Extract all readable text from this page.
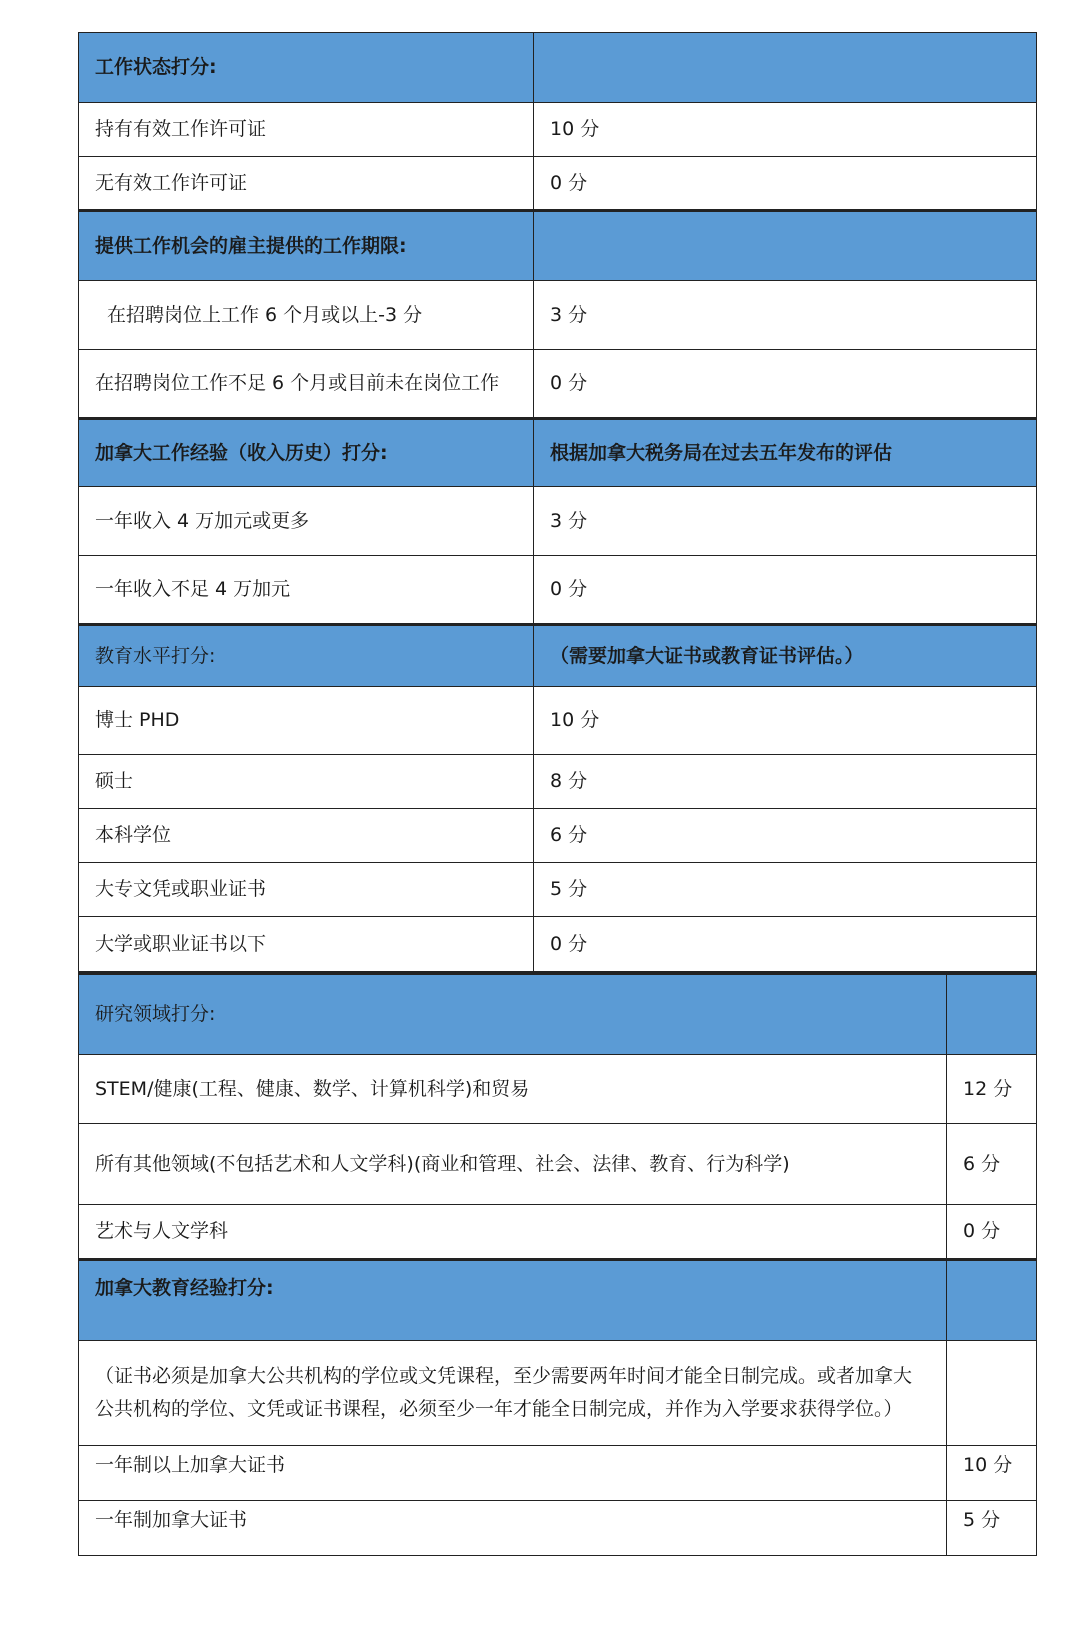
工作状态打分:	
持有有效工作许可证	10 分
无有效工作许可证	0 分
提供工作机会的雇主提供的工作期限:	
在招聘岗位上工作 6 个月或以上-3 分	3 分
在招聘岗位工作不足 6 个月或目前未在岗位工作	0 分
加拿大工作经验（收入历史）打分:	根据加拿大税务局在过去五年发布的评估
一年收入 4 万加元或更多	3 分
一年收入不足 4 万加元	0 分
教育水平打分:	（需要加拿大证书或教育证书评估。）
博士 PHD	10 分
硕士	8 分
本科学位	6 分
大专文凭或职业证书	5 分
大学或职业证书以下	0 分
研究领域打分:	
STEM/健康(工程、健康、数学、计算机科学)和贸易	12 分
所有其他领域(不包括艺术和人文学科)(商业和管理、社会、法律、教育、行为科学)	6 分
艺术与人文学科	0 分
加拿大教育经验打分:	
（证书必须是加拿大公共机构的学位或文凭课程，至少需要两年时间才能全日制完成。或者加拿大公共机构的学位、文凭或证书课程，必须至少一年才能全日制完成，并作为入学要求获得学位。）	
一年制以上加拿大证书	10 分
一年制加拿大证书	5 分
